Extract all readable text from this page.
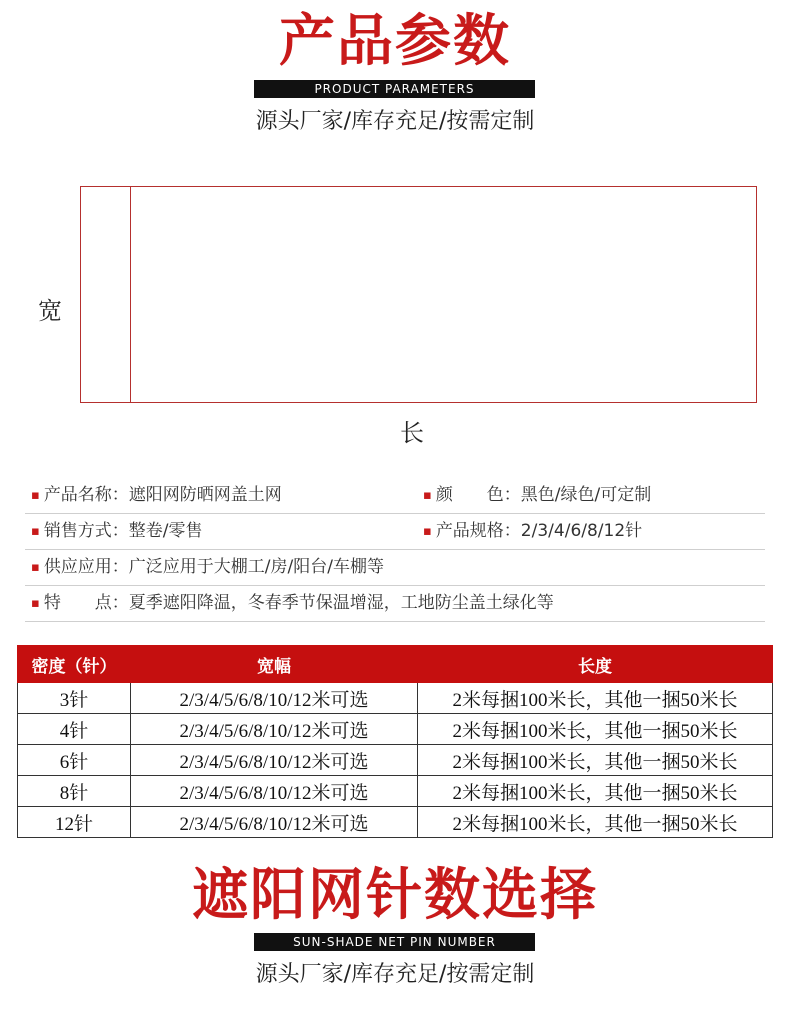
产品参数
PRODUCT PARAMETERS
源头厂家/库存充足/按需定制
宽
长
▪ 产品名称：遮阳网防晒网盖土网	▪ 颜　　色：黑色/绿色/可定制
▪ 销售方式：整卷/零售	▪ 产品规格：2/3/4/6/8/12针
▪ 供应应用：广泛应用于大棚工/房/阳台/车棚等
▪ 特　　点：夏季遮阳降温，冬春季节保温增湿，工地防尘盖土绿化等
密度（针）	宽幅	长度
3针	2/3/4/5/6/8/10/12米可选	2米每捆100米长，其他一捆50米长
4针	2/3/4/5/6/8/10/12米可选	2米每捆100米长，其他一捆50米长
6针	2/3/4/5/6/8/10/12米可选	2米每捆100米长，其他一捆50米长
8针	2/3/4/5/6/8/10/12米可选	2米每捆100米长，其他一捆50米长
12针	2/3/4/5/6/8/10/12米可选	2米每捆100米长，其他一捆50米长
遮阳网针数选择
SUN-SHADE NET PIN NUMBER
源头厂家/库存充足/按需定制
